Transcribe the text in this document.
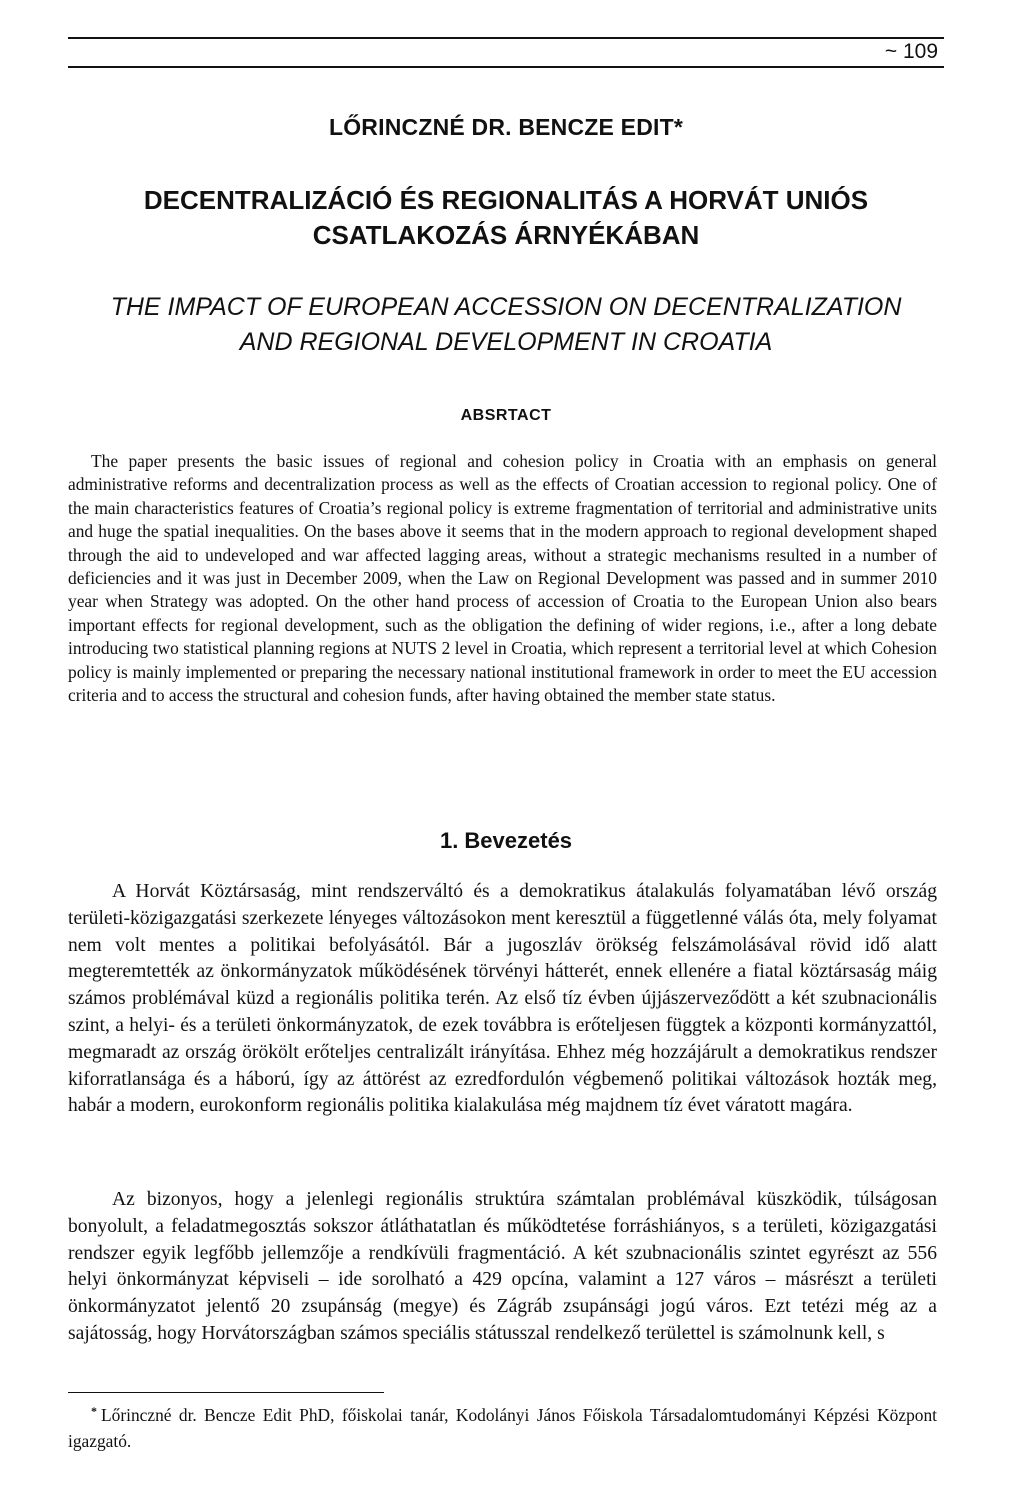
~ 109
LŐRINCZNÉ DR. BENCZE EDIT*
DECENTRALIZÁCIÓ ÉS REGIONALITÁS A HORVÁT UNIÓS
CSATLAKOZÁS ÁRNYÉKÁBAN
THE IMPACT OF EUROPEAN ACCESSION ON DECENTRALIZATION
AND REGIONAL DEVELOPMENT IN CROATIA
ABSRTACT

The paper presents the basic issues of regional and cohesion policy in Croatia with an emphasis on general administrative reforms and decentralization process as well as the effects of Croatian accession to regional policy. One of the main characteristics features of Croatia’s regional policy is extreme fragmentation of territorial and administrative units and huge the spatial inequalities. On the bases above it seems that in the modern approach to regional development shaped through the aid to undeveloped and war affected lagging areas, without a strategic mechanisms resulted in a number of deficiencies and it was just in December 2009, when the Law on Regional Development was passed and in summer 2010 year when Strategy was adopted. On the other hand process of accession of Croatia to the European Union also bears important effects for regional development, such as the obligation the defining of wider regions, i.e., after a long debate introducing two statistical planning regions at NUTS 2 level in Croatia, which represent a territorial level at which Cohesion policy is mainly implemented or preparing the necessary national institutional framework in order to meet the EU accession criteria and to access the structural and cohesion funds, after having obtained the member state status.

1. Bevezetés

A Horvát Köztársaság, mint rendszerváltó és a demokratikus átalakulás folyamatában lévő ország területi-közigazgatási szerkezete lényeges változásokon ment keresztül a függetlenné válás óta, mely folyamat nem volt mentes a politikai befolyásától. Bár a jugoszláv örökség felszámolásával rövid idő alatt megteremtették az önkormányzatok működésének törvényi hátterét, ennek ellenére a fiatal köztársaság máig számos problémával küzd a regionális politika terén. Az első tíz évben újjászerveződött a két szubnacionális szint, a helyi- és a területi önkormányzatok, de ezek továbbra is erőteljesen függtek a központi kormányzattól, megmaradt az ország örökölt erőteljes centralizált irányítása. Ehhez még hozzájárult a demokratikus rendszer kiforratlansága és a háború, így az áttörést az ezredfordulón végbemenő politikai változások hozták meg, habár a modern, eurokonform regionális politika kialakulása még majdnem tíz évet váratott magára.

Az bizonyos, hogy a jelenlegi regionális struktúra számtalan problémával küszködik, túlságosan bonyolult, a feladatmegosztás sokszor átláthatatlan és működtetése forráshiányos, s a területi, közigazgatási rendszer egyik legfőbb jellemzője a rendkívüli fragmentáció. A két szubnacionális szintet egyrészt az 556 helyi önkormányzat képviseli – ide sorolható a 429 opcína, valamint a 127 város – másrészt a területi önkormányzatot jelentő 20 zsupánság (megye) és Zágráb zsupánsági jogú város. Ezt tetézi még az a sajátosság, hogy Horvátországban számos speciális státusszal rendelkező területtel is számolnunk kell, s

* Lőrinczné dr. Bencze Edit PhD, főiskolai tanár, Kodolányi János Főiskola Társadalomtudományi Képzési Központ igazgató.
